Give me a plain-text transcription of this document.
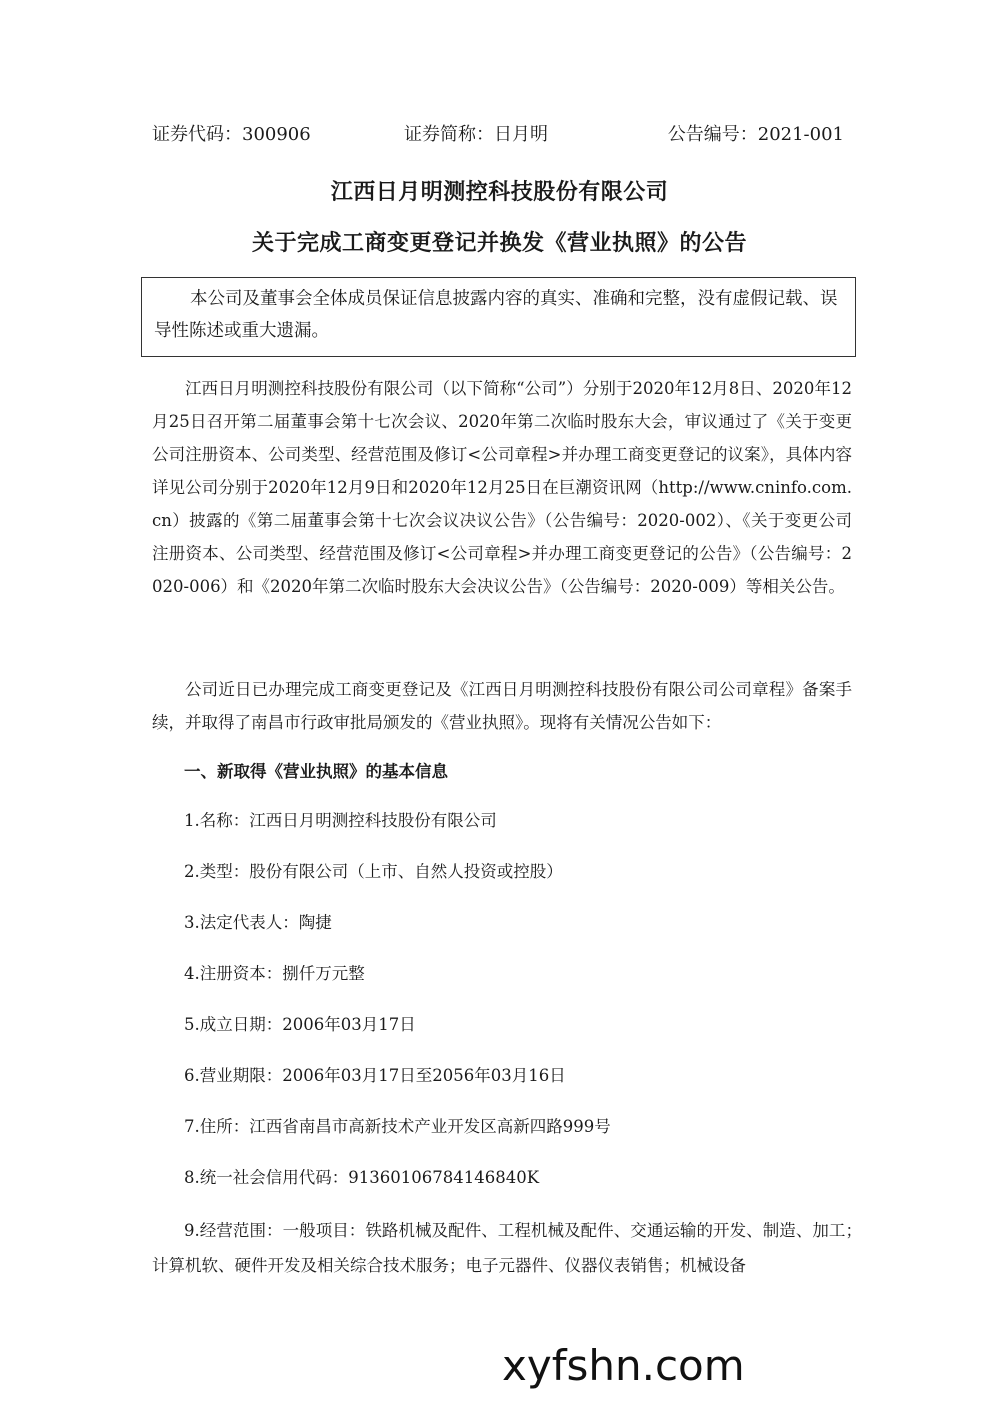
证券代码：300906	证券简称：日月明	公告编号：2021-001
江西日月明测控科技股份有限公司
关于完成工商变更登记并换发《营业执照》的公告
本公司及董事会全体成员保证信息披露内容的真实、准确和完整，没有虚假记载、误导性陈述或重大遗漏。
江西日月明测控科技股份有限公司（以下简称“公司”）分别于2020年12月8日、2020年12月25日召开第二届董事会第十七次会议、2020年第二次临时股东大会，审议通过了《关于变更公司注册资本、公司类型、经营范围及修订<公司章程>并办理工商变更登记的议案》，具体内容详见公司分别于2020年12月9日和2020年12月25日在巨潮资讯网（http://www.cninfo.com.cn）披露的《第二届董事会第十七次会议决议公告》（公告编号：2020-002）、《关于变更公司注册资本、公司类型、经营范围及修订<公司章程>并办理工商变更登记的公告》（公告编号：2020-006）和《2020年第二次临时股东大会决议公告》（公告编号：2020-009）等相关公告。
公司近日已办理完成工商变更登记及《江西日月明测控科技股份有限公司公司章程》备案手续，并取得了南昌市行政审批局颁发的《营业执照》。现将有关情况公告如下：
一、新取得《营业执照》的基本信息
1.名称：江西日月明测控科技股份有限公司
2.类型：股份有限公司（上市、自然人投资或控股）
3.法定代表人：陶捷
4.注册资本：捌仟万元整
5.成立日期：2006年03月17日
6.营业期限：2006年03月17日至2056年03月16日
7.住所：江西省南昌市高新技术产业开发区高新四路999号
8.统一社会信用代码：91360106784146840K
9.经营范围：一般项目：铁路机械及配件、工程机械及配件、交通运输的开发、制造、加工；计算机软、硬件开发及相关综合技术服务；电子元器件、仪器仪表销售；机械设备
xyfshn.com
